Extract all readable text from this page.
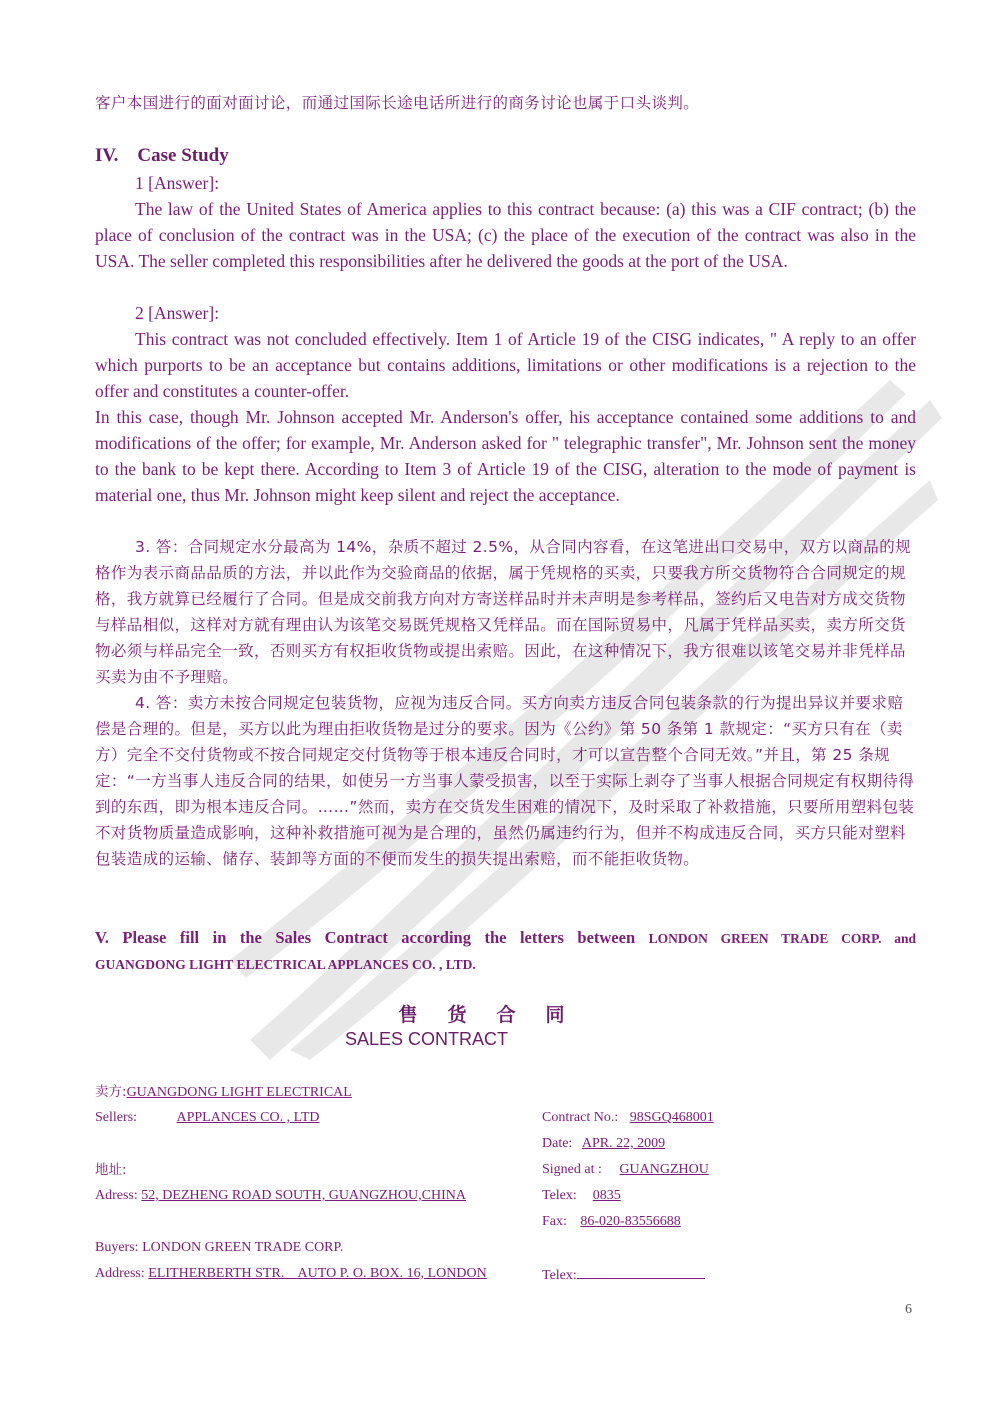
客户本国进行的面对面讨论，而通过国际长途电话所进行的商务讨论也属于口头谈判。
IV.    Case Study
1 [Answer]:
The law of the United States of America applies to this contract because: (a) this was a CIF contract; (b) the place of conclusion of the contract was in the USA; (c) the place of the execution of the contract was also in the USA. The seller completed this responsibilities after he delivered the goods at the port of the USA.
2 [Answer]:
This contract was not concluded effectively. Item 1 of Article 19 of the CISG indicates, " A reply to an offer which purports to be an acceptance but contains additions, limitations or other modifications is a rejection to the offer and constitutes a counter-offer.
In this case, though Mr. Johnson accepted Mr. Anderson's offer, his acceptance contained some additions to and modifications of the offer; for example, Mr. Anderson asked for " telegraphic transfer", Mr. Johnson sent the money to the bank to be kept there. According to Item 3 of Article 19 of the CISG, alteration to the mode of payment is material one, thus Mr. Johnson might keep silent and reject the acceptance.
3. 答：合同规定水分最高为 14%，杂质不超过 2.5%，从合同内容看，在这笔进出口交易中，双方以商品的规格作为表示商品品质的方法，并以此作为交验商品的依据，属于凭规格的买卖，只要我方所交货物符合合同规定的规格，我方就算已经履行了合同。但是成交前我方向对方寄送样品时并未声明是参考样品，签约后又电告对方成交货物与样品相似，这样对方就有理由认为该笔交易既凭规格又凭样品。而在国际贸易中，凡属于凭样品买卖，卖方所交货物必须与样品完全一致，否则买方有权拒收货物或提出索赔。因此，在这种情况下，我方很难以该笔交易并非凭样品买卖为由不予理赔。
4. 答：卖方未按合同规定包装货物，应视为违反合同。买方向卖方违反合同包装条款的行为提出异议并要求赔偿是合理的。但是，买方以此为理由拒收货物是过分的要求。因为《公约》第 50 条第 1 款规定：“买方只有在（卖方）完全不交付货物或不按合同规定交付货物等于根本违反合同时，才可以宣告整个合同无效。”并且，第 25 条规定：“一方当事人违反合同的结果，如使另一方当事人蒙受损害，以至于实际上剥夺了当事人根据合同规定有权期待得到的东西，即为根本违反合同。……”然而，卖方在交货发生困难的情况下，及时采取了补救措施，只要所用塑料包装不对货物质量造成影响，这种补救措施可视为是合理的，虽然仍属违约行为，但并不构成违反合同，买方只能对塑料包装造成的运输、储存、装卸等方面的不便而发生的损失提出索赔，而不能拒收货物。
V. Please fill in the Sales Contract according the letters between LONDON GREEN TRADE CORP. and
GUANGDONG LIGHT ELECTRICAL APPLANCES CO. , LTD.
售货合同
SALES CONTRACT
卖方:GUANGDONG LIGHT ELECTRICAL
Sellers:	APPLANCES CO. , LTD
地址:
Adress: 52, DEZHENG ROAD SOUTH, GUANGZHOU,CHINA
Buyers: LONDON GREEN TRADE CORP.
Address: ELITHERBERTH STR.    AUTO P. O. BOX. 16, LONDON
Contract No.: 98SGQ468001
Date: APR. 22, 2009
Signed at : GUANGZHOU
Telex: 0835
Fax: 86-020-83556688
Telex:
6
